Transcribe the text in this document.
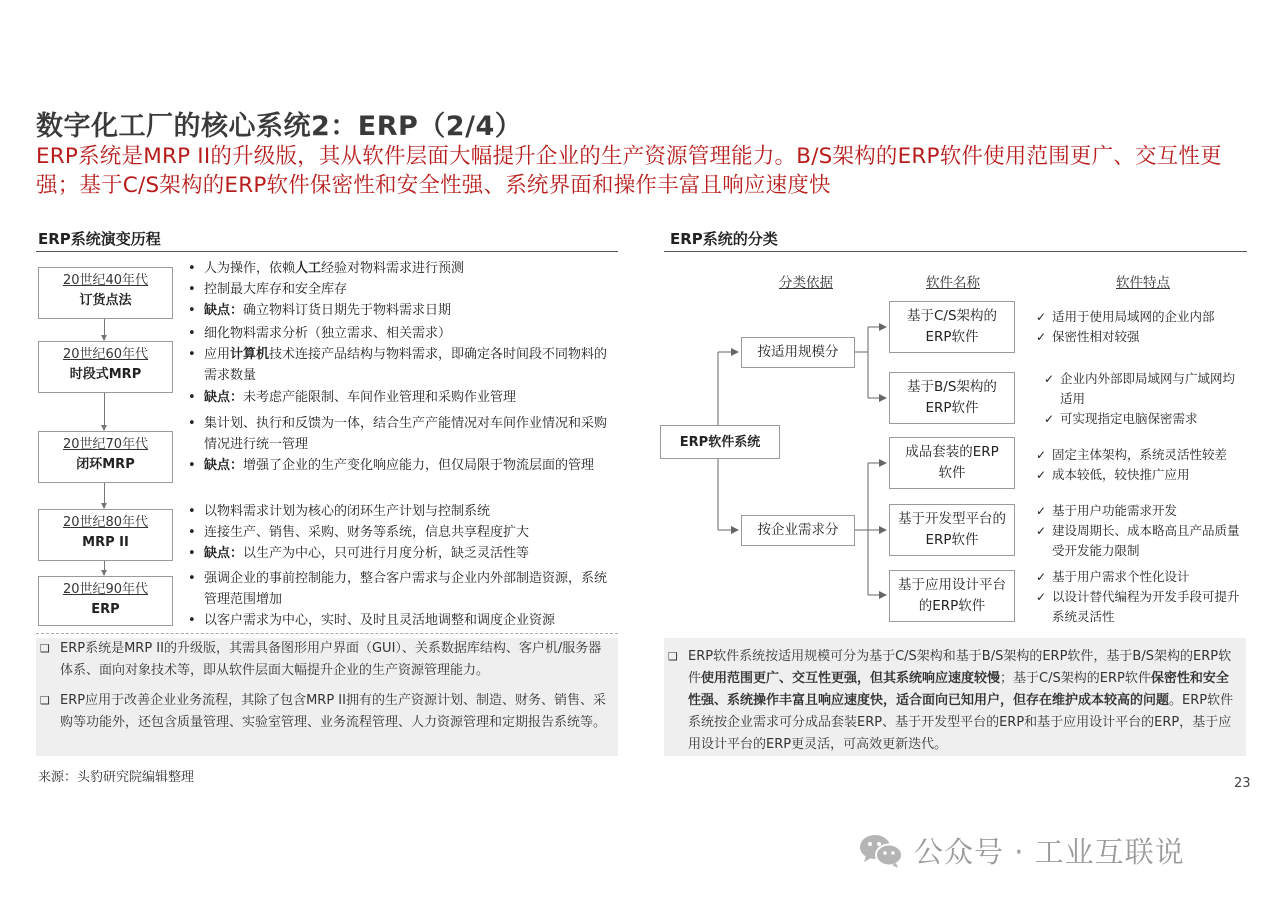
数字化工厂的核心系统2：ERP（2/4）
ERP系统是MRP II的升级版，其从软件层面大幅提升企业的生产资源管理能力。B/S架构的ERP软件使用范围更广、交互性更强；基于C/S架构的ERP软件保密性和安全性强、系统界面和操作丰富且响应速度快
ERP系统演变历程
20世纪40年代
订货点法
20世纪60年代
时段式MRP
20世纪70年代
闭环MRP
20世纪80年代
MRP II
20世纪90年代
ERP
• 人为操作，依赖人工经验对物料需求进行预测
• 控制最大库存和安全库存
• 缺点：确立物料订货日期先于物料需求日期
• 细化物料需求分析（独立需求、相关需求）
• 应用计算机技术连接产品结构与物料需求，即确定各时间段不同物料的需求数量
• 缺点：未考虑产能限制、车间作业管理和采购作业管理
• 集计划、执行和反馈为一体，结合生产产能情况对车间作业情况和采购情况进行统一管理
• 缺点：增强了企业的生产变化响应能力，但仅局限于物流层面的管理
• 以物料需求计划为核心的闭环生产计划与控制系统
• 连接生产、销售、采购、财务等系统，信息共享程度扩大
• 缺点：以生产为中心，只可进行月度分析，缺乏灵活性等
• 强调企业的事前控制能力，整合客户需求与企业内外部制造资源，系统管理范围增加
• 以客户需求为中心，实时、及时且灵活地调整和调度企业资源

❑ ERP系统是MRP II的升级版，其需具备图形用户界面（GUI）、关系数据库结构、客户机/服务器体系、面向对象技术等，即从软件层面大幅提升企业的生产资源管理能力。

❑ ERP应用于改善企业业务流程，其除了包含MRP II拥有的生产资源计划、制造、财务、销售、采购等功能外，还包含质量管理、实验室管理、业务流程管理、人力资源管理和定期报告系统等。

来源：头豹研究院编辑整理
ERP系统的分类
分类依据	软件名称	软件特点
ERP软件系统
按适用规模分
按企业需求分
基于C/S架构的ERP软件
基于B/S架构的ERP软件
成品套装的ERP软件
基于开发型平台的ERP软件
基于应用设计平台的ERP软件
✓ 适用于使用局域网的企业内部
✓ 保密性相对较强
✓ 企业内外部即局域网与广域网均适用
✓ 可实现指定电脑保密需求
✓ 固定主体架构，系统灵活性较差
✓ 成本较低，较快推广应用
✓ 基于用户功能需求开发
✓ 建设周期长、成本略高且产品质量受开发能力限制
✓ 基于用户需求个性化设计
✓ 以设计替代编程为开发手段可提升系统灵活性

❑ ERP软件系统按适用规模可分为基于C/S架构和基于B/S架构的ERP软件，基于B/S架构的ERP软件使用范围更广、交互性更强，但其系统响应速度较慢；基于C/S架构的ERP软件保密性和安全性强、系统操作丰富且响应速度快，适合面向已知用户，但存在维护成本较高的问题。ERP软件系统按企业需求可分成品套装ERP、基于开发型平台的ERP和基于应用设计平台的ERP，基于应用设计平台的ERP更灵活，可高效更新迭代。

23
公众号 · 工业互联说
